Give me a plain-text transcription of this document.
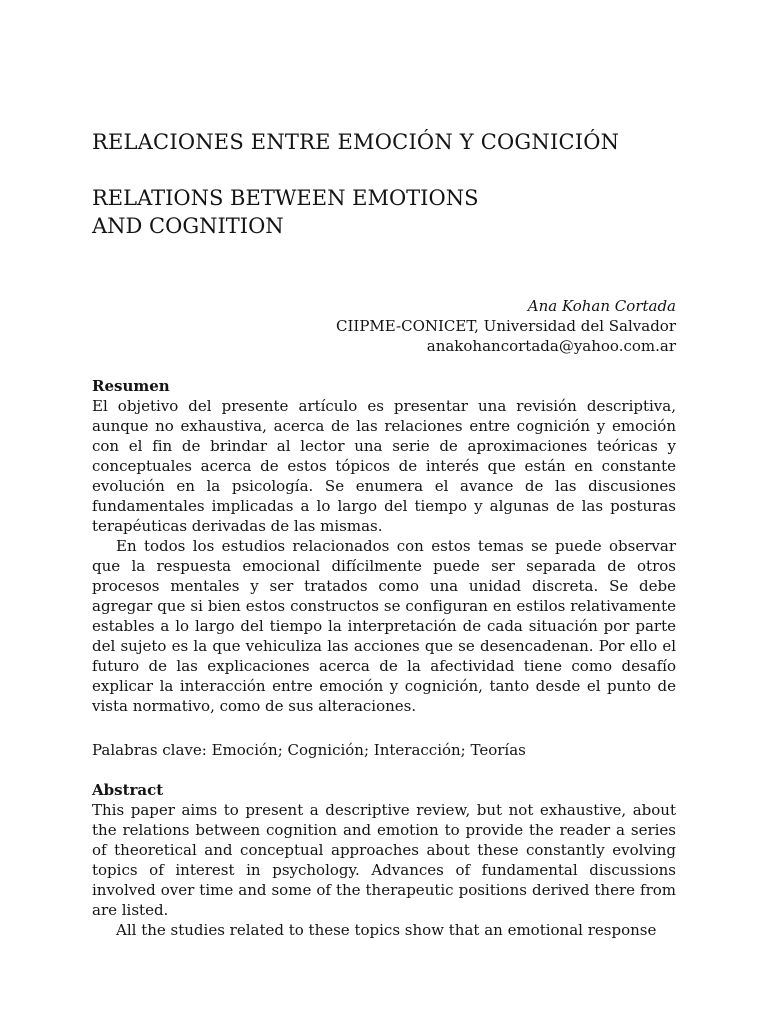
RELACIONES ENTRE EMOCIÓN Y COGNICIÓN
RELATIONS BETWEEN EMOTIONS
AND COGNITION
Ana Kohan Cortada
CIIPME-CONICET, Universidad del Salvador
anakohancortada@yahoo.com.ar

Resumen

El objetivo del presente artículo es presentar una revisión descriptiva, aunque no exhaustiva, acerca de las relaciones entre cognición y emoción con el fin de brindar al lector una serie de aproximaciones teóricas y conceptuales acerca de estos tópicos de interés que están en constante evolución en la psicología. Se enumera el avance de las discusiones fundamentales implicadas a lo largo del tiempo y algunas de las posturas terapéuticas derivadas de las mismas.

En todos los estudios relacionados con estos temas se puede observar que la respuesta emocional difícilmente puede ser separada de otros procesos mentales y ser tratados como una unidad discreta. Se debe agregar que si bien estos constructos se configuran en estilos relativamente estables a lo largo del tiempo la interpretación de cada situación por parte del sujeto es la que vehiculiza las acciones que se desencadenan. Por ello el futuro de las explicaciones acerca de la afectividad tiene como desafío explicar la interacción entre emoción y cognición, tanto desde el punto de vista normativo, como de sus alteraciones.

Palabras clave: Emoción; Cognición; Interacción; Teorías

Abstract

This paper aims to present a descriptive review, but not exhaustive, about the relations between cognition and emotion to provide the reader a series of theoretical and conceptual approaches about these constantly evolving topics of interest in psychology. Advances of fundamental discussions involved over time and some of the therapeutic positions derived there from are listed.

All the studies related to these topics show that an emotional response
